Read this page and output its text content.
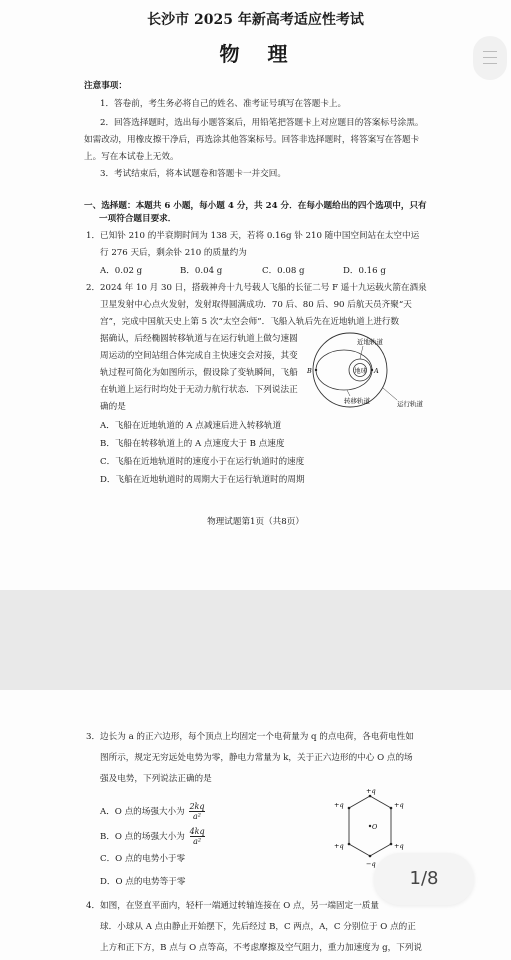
长沙市 2025 年新高考适应性考试
物　理
注意事项：
1．答卷前，考生务必将自己的姓名、准考证号填写在答题卡上。
2．回答选择题时，选出每小题答案后，用铅笔把答题卡上对应题目的答案标号涂黑。
如需改动，用橡皮擦干净后，再选涂其他答案标号。回答非选择题时，将答案写在答题卡
上。写在本试卷上无效。
3．考试结束后，将本试题卷和答题卡一并交回。
一、选择题：本题共 6 小题，每小题 4 分，共 24 分．在每小题给出的四个选项中，只有
一项符合题目要求．
1．已知钋 210 的半衰期时间为 138 天，若将 0.16g 钋 210 随中国空间站在太空中运
行 276 天后，剩余钋 210 的质量约为
A．0.02 g	B．0.04 g	C．0.08 g	D．0.16 g
2．2024 年 10 月 30 日，搭载神舟十九号载人飞船的长征二号 F 遥十九运载火箭在酒泉
卫星发射中心点火发射，发射取得圆满成功．70 后、80 后、90 后航天员齐聚“天
宫”，完成中国航天史上第 5 次“太空会师”．飞船入轨后先在近地轨道上进行数
据确认，后经椭圆转移轨道与在运行轨道上做匀速圆
周运动的空间站组合体完成自主快速交会对接，其变
轨过程可简化为如图所示，假设除了变轨瞬间，飞船
在轨道上运行时均处于无动力航行状态．下列说法正
确的是
A．飞船在近地轨道的 A 点减速后进入转移轨道
B．飞船在转移轨道上的 A 点速度大于 B 点速度
C．飞船在近地轨道时的速度小于在运行轨道时的速度
D．飞船在近地轨道时的周期大于在运行轨道时的周期
地球 A
B
近地轨道
转移轨道	运行轨道
物理试题第1页（共8页）
3．边长为 a 的正六边形，每个顶点上均固定一个电荷量为 q 的点电荷，各电荷电性如
图所示，规定无穷远处电势为零，静电力常量为 k，关于正六边形的中心 O 点的场
强及电势，下列说法正确的是
A．O 点的场强大小为 $\frac{2kq}{\text{a²}}$
B．O 点的场强大小为 $\frac{4kq}{\text{a²}}$
C．O 点的电势小于零
D．O 点的电势等于零
+q
+q
+q
−q
+q
+q
O
4．如图，在竖直平面内，轻杆一端通过转轴连接在 O 点，另一端固定一质量
球．小球从 A 点由静止开始摆下，先后经过 B，C 两点，A，C 分别位于 O 点的正
上方和正下方，B 点与 O 点等高，不考虑摩擦及空气阻力，重力加速度为 g，下列说
1/8
